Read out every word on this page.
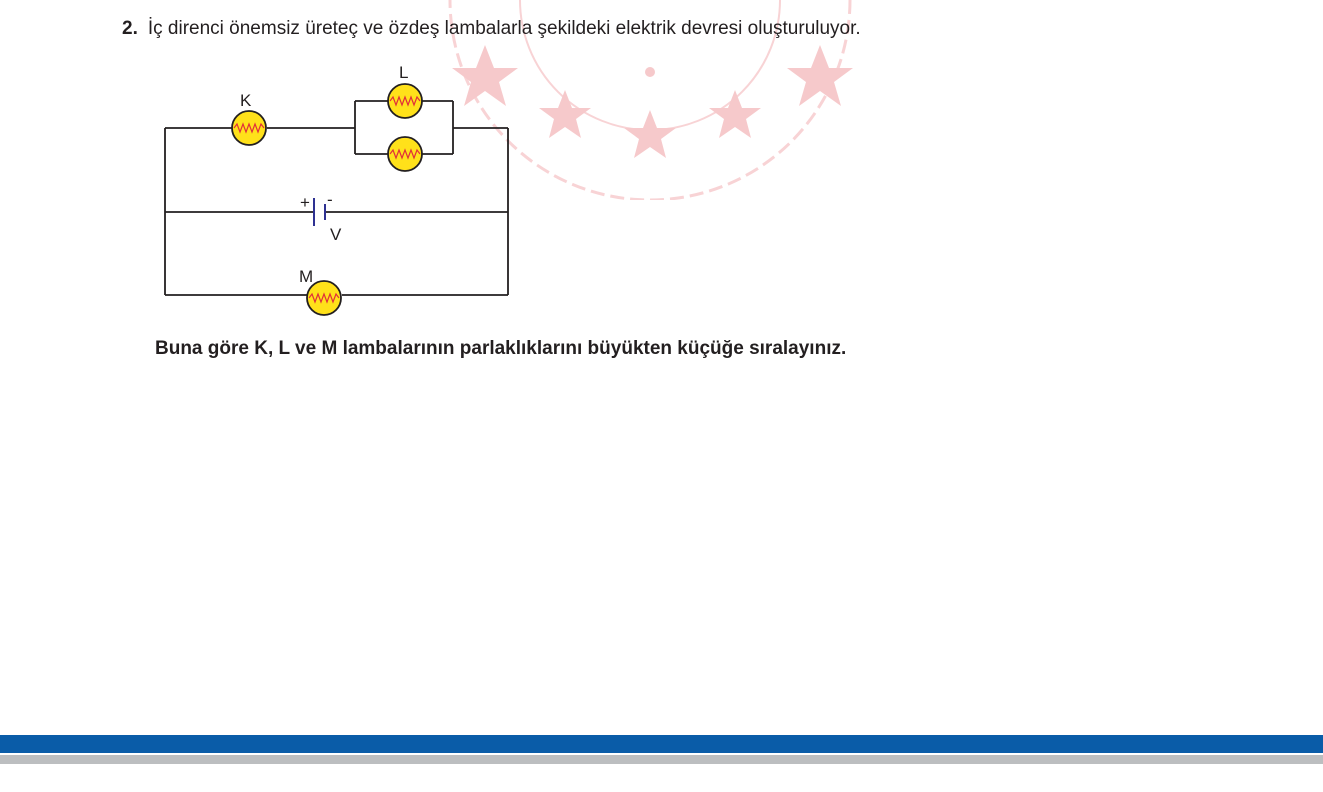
2. İç direnci önemsiz üreteç ve özdeş lambalarla şekildeki elektrik devresi oluşturuluyor.
+ -
V
K
L
M
Buna göre K, L ve M lambalarının parlaklıklarını büyükten küçüğe sıralayınız.
